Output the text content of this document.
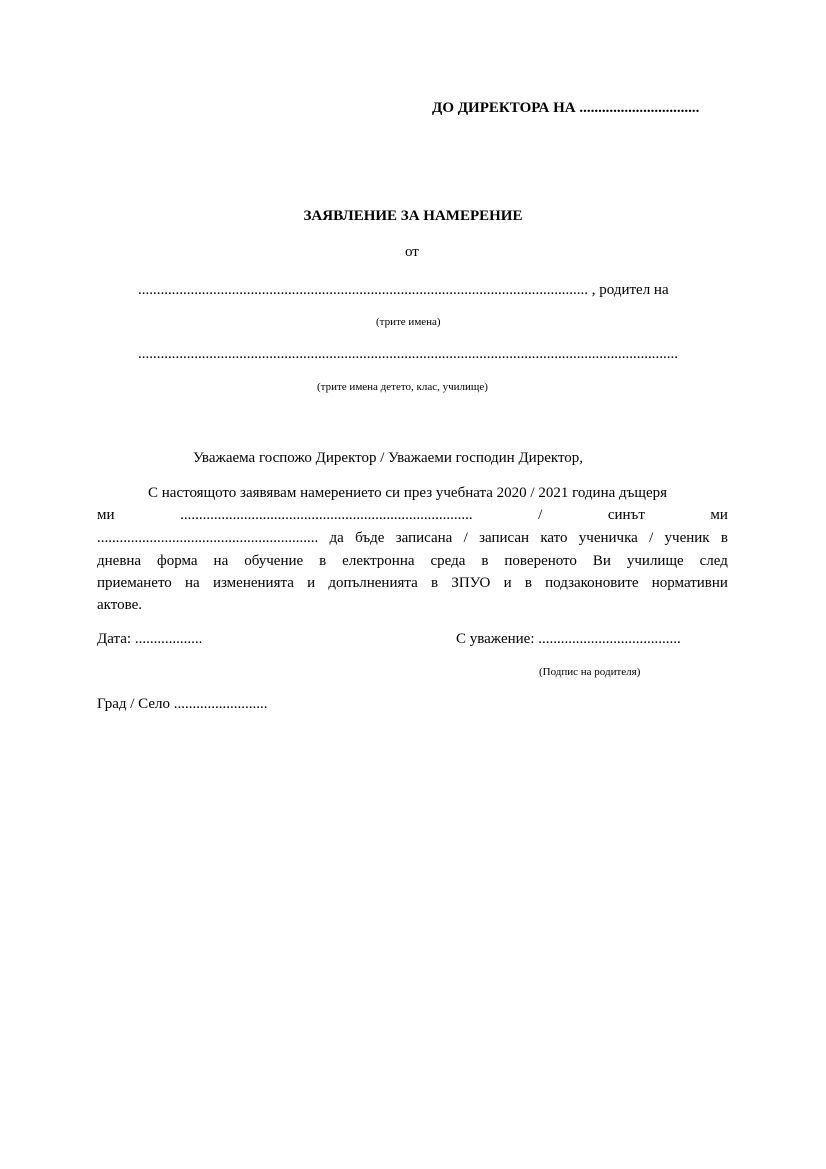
ДО ДИРЕКТОРА НА ................................
ЗАЯВЛЕНИЕ ЗА НАМЕРЕНИЕ
от
........................................................................................................................ , родител на
(трите имена)
................................................................................................................................................
(трите имена детето, клас, училище)
Уважаема госпожо Директор / Уважаеми господин Директор,
С настоящото заявявам намерението си през учебната 2020 / 2021 година дъщеря
ми	..............................................................................	/	синът	ми
........................................................... да бъде записана / записан като ученичка / ученик в
дневна форма на обучение в електронна среда в повереното Ви училище след
приемането на измененията и допълненията в ЗПУО и в подзаконовите нормативни
актове.
Дата: ..................	С уважение: ......................................
(Подпис на родителя)
Град / Село .........................
